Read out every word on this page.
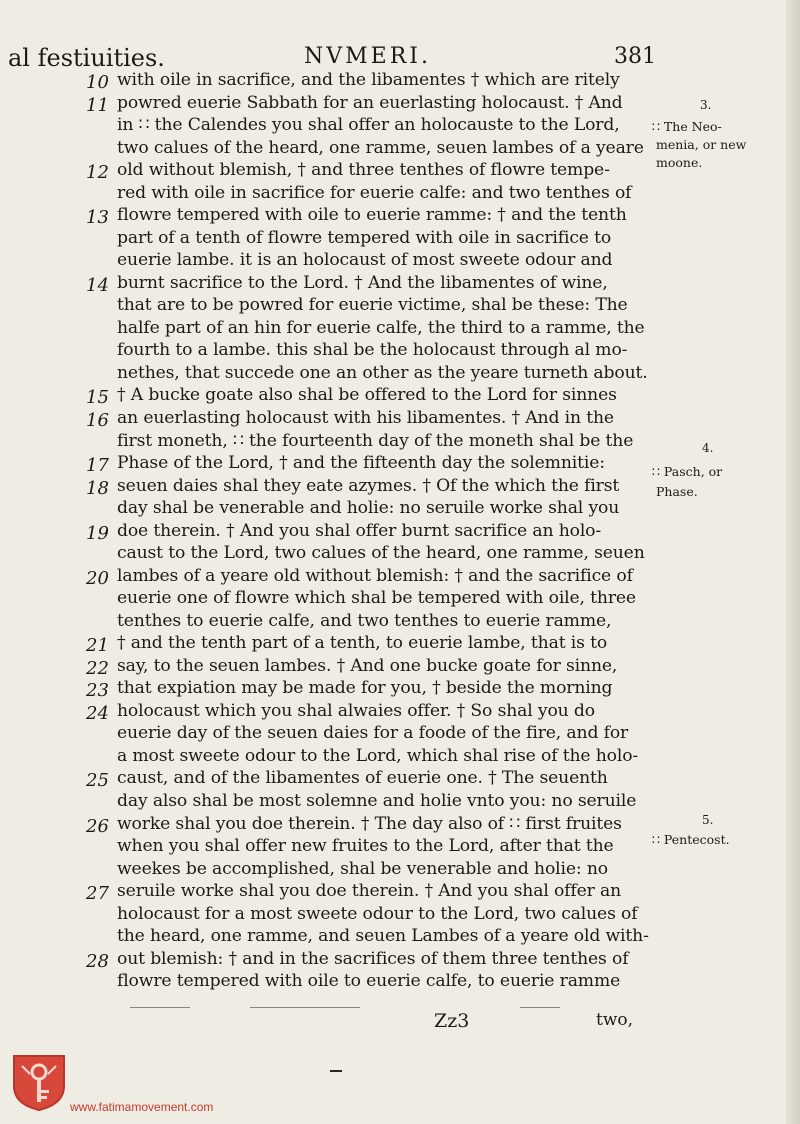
al festiuities.	NVMERI.	381
10 with oile in sacrifice, and the libamentes † which are ritely
11 powred euerie Sabbath for an euerlasting holocaust. † And
in ∷ the Calendes you shal offer an holocauste to the Lord,
two calues of the heard, one ramme, seuen lambes of a yeare
12 old without blemish, † and three tenthes of flowre tempe-
red with oile in sacrifice for euerie calfe: and two tenthes of
13 flowre tempered with oile to euerie ramme: † and the tenth
part of a tenth of flowre tempered with oile in sacrifice to
euerie lambe. it is an holocaust of most sweete odour and
14 burnt sacrifice to the Lord. † And the libamentes of wine,
that are to be powred for euerie victime, shal be these: The
halfe part of an hin for euerie calfe, the third to a ramme, the
fourth to a lambe. this shal be the holocaust through al mo-
nethes, that succede one an other as the yeare turneth about.
15 † A bucke goate also shal be offered to the Lord for sinnes
16 an euerlasting holocaust with his libamentes. † And in the
first moneth, ∷ the fourteenth day of the moneth shal be the
17 Phase of the Lord, † and the fifteenth day the solemnitie:
18 seuen daies shal they eate azymes. † Of the which the first
day shal be venerable and holie: no seruile worke shal you
19 doe therein. † And you shal offer burnt sacrifice an holo-
caust to the Lord, two calues of the heard, one ramme, seuen
20 lambes of a yeare old without blemish: † and the sacrifice of
euerie one of flowre which shal be tempered with oile, three
tenthes to euerie calfe, and two tenthes to euerie ramme,
21 † and the tenth part of a tenth, to euerie lambe, that is to
22 say, to the seuen lambes. † And one bucke goate for sinne,
23 that expiation may be made for you, † beside the morning
24 holocaust which you shal alwaies offer. † So shal you do
euerie day of the seuen daies for a foode of the fire, and for
a most sweete odour to the Lord, which shal rise of the holo-
25 caust, and of the libamentes of euerie one. † The seuenth
day also shal be most solemne and holie vnto you: no seruile
26 worke shal you doe therein. † The day also of ∷ first fruites
when you shal offer new fruites to the Lord, after that the
weekes be accomplished, shal be venerable and holie: no
27 seruile worke shal you doe therein. † And you shal offer an
holocaust for a most sweete odour to the Lord, two calues of
the heard, one ramme, and seuen Lambes of a yeare old with-
28 out blemish: † and in the sacrifices of them three tenthes of
flowre tempered with oile to euerie calfe, to euerie ramme
3.
∷ The Neo-
menia, or new
moone.
4.
∷ Pasch, or
Phase.
5.
∷ Pentecost.
Zz3	two,
www.fatimamovement.com
